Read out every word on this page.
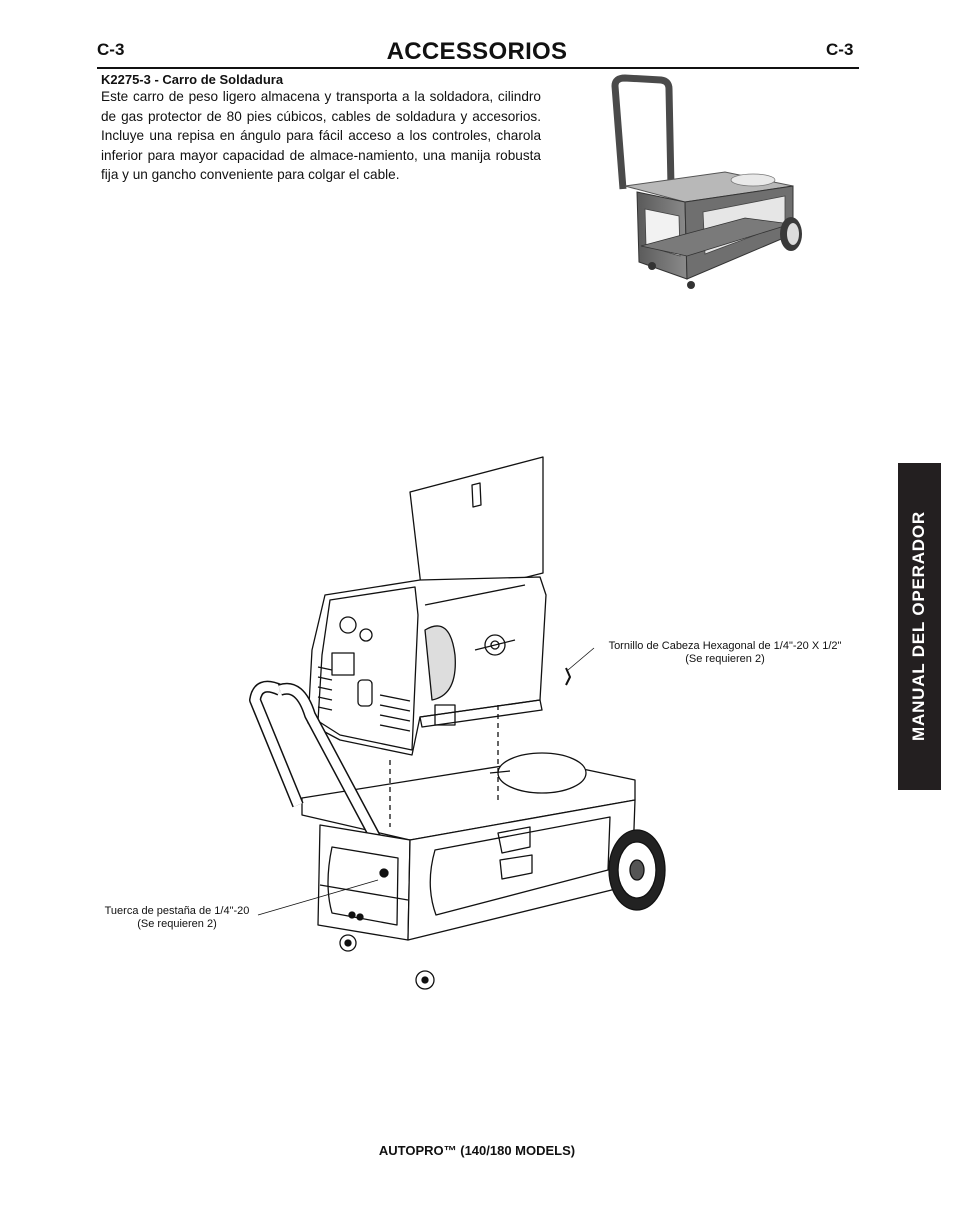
C-3	ACCESSORIOS	C-3
K2275-3 - Carro de Soldadura
Este carro de peso ligero almacena y transporta a la soldadora, cilindro de gas protector de 80 pies cúbicos, cables de soldadura y accesorios. Incluye una repisa en ángulo para fácil acceso a los controles, charola inferior para mayor capacidad de almace-namiento, una manija robusta fija y un gancho conveniente para colgar el cable.
Tornillo de Cabeza Hexagonal de 1/4"-20 X 1/2"
(Se requieren 2)
Tuerca de pestaña de 1/4"-20
(Se requieren 2)
MANUAL DEL OPERADOR
AUTOPRO™ (140/180 MODELS)
